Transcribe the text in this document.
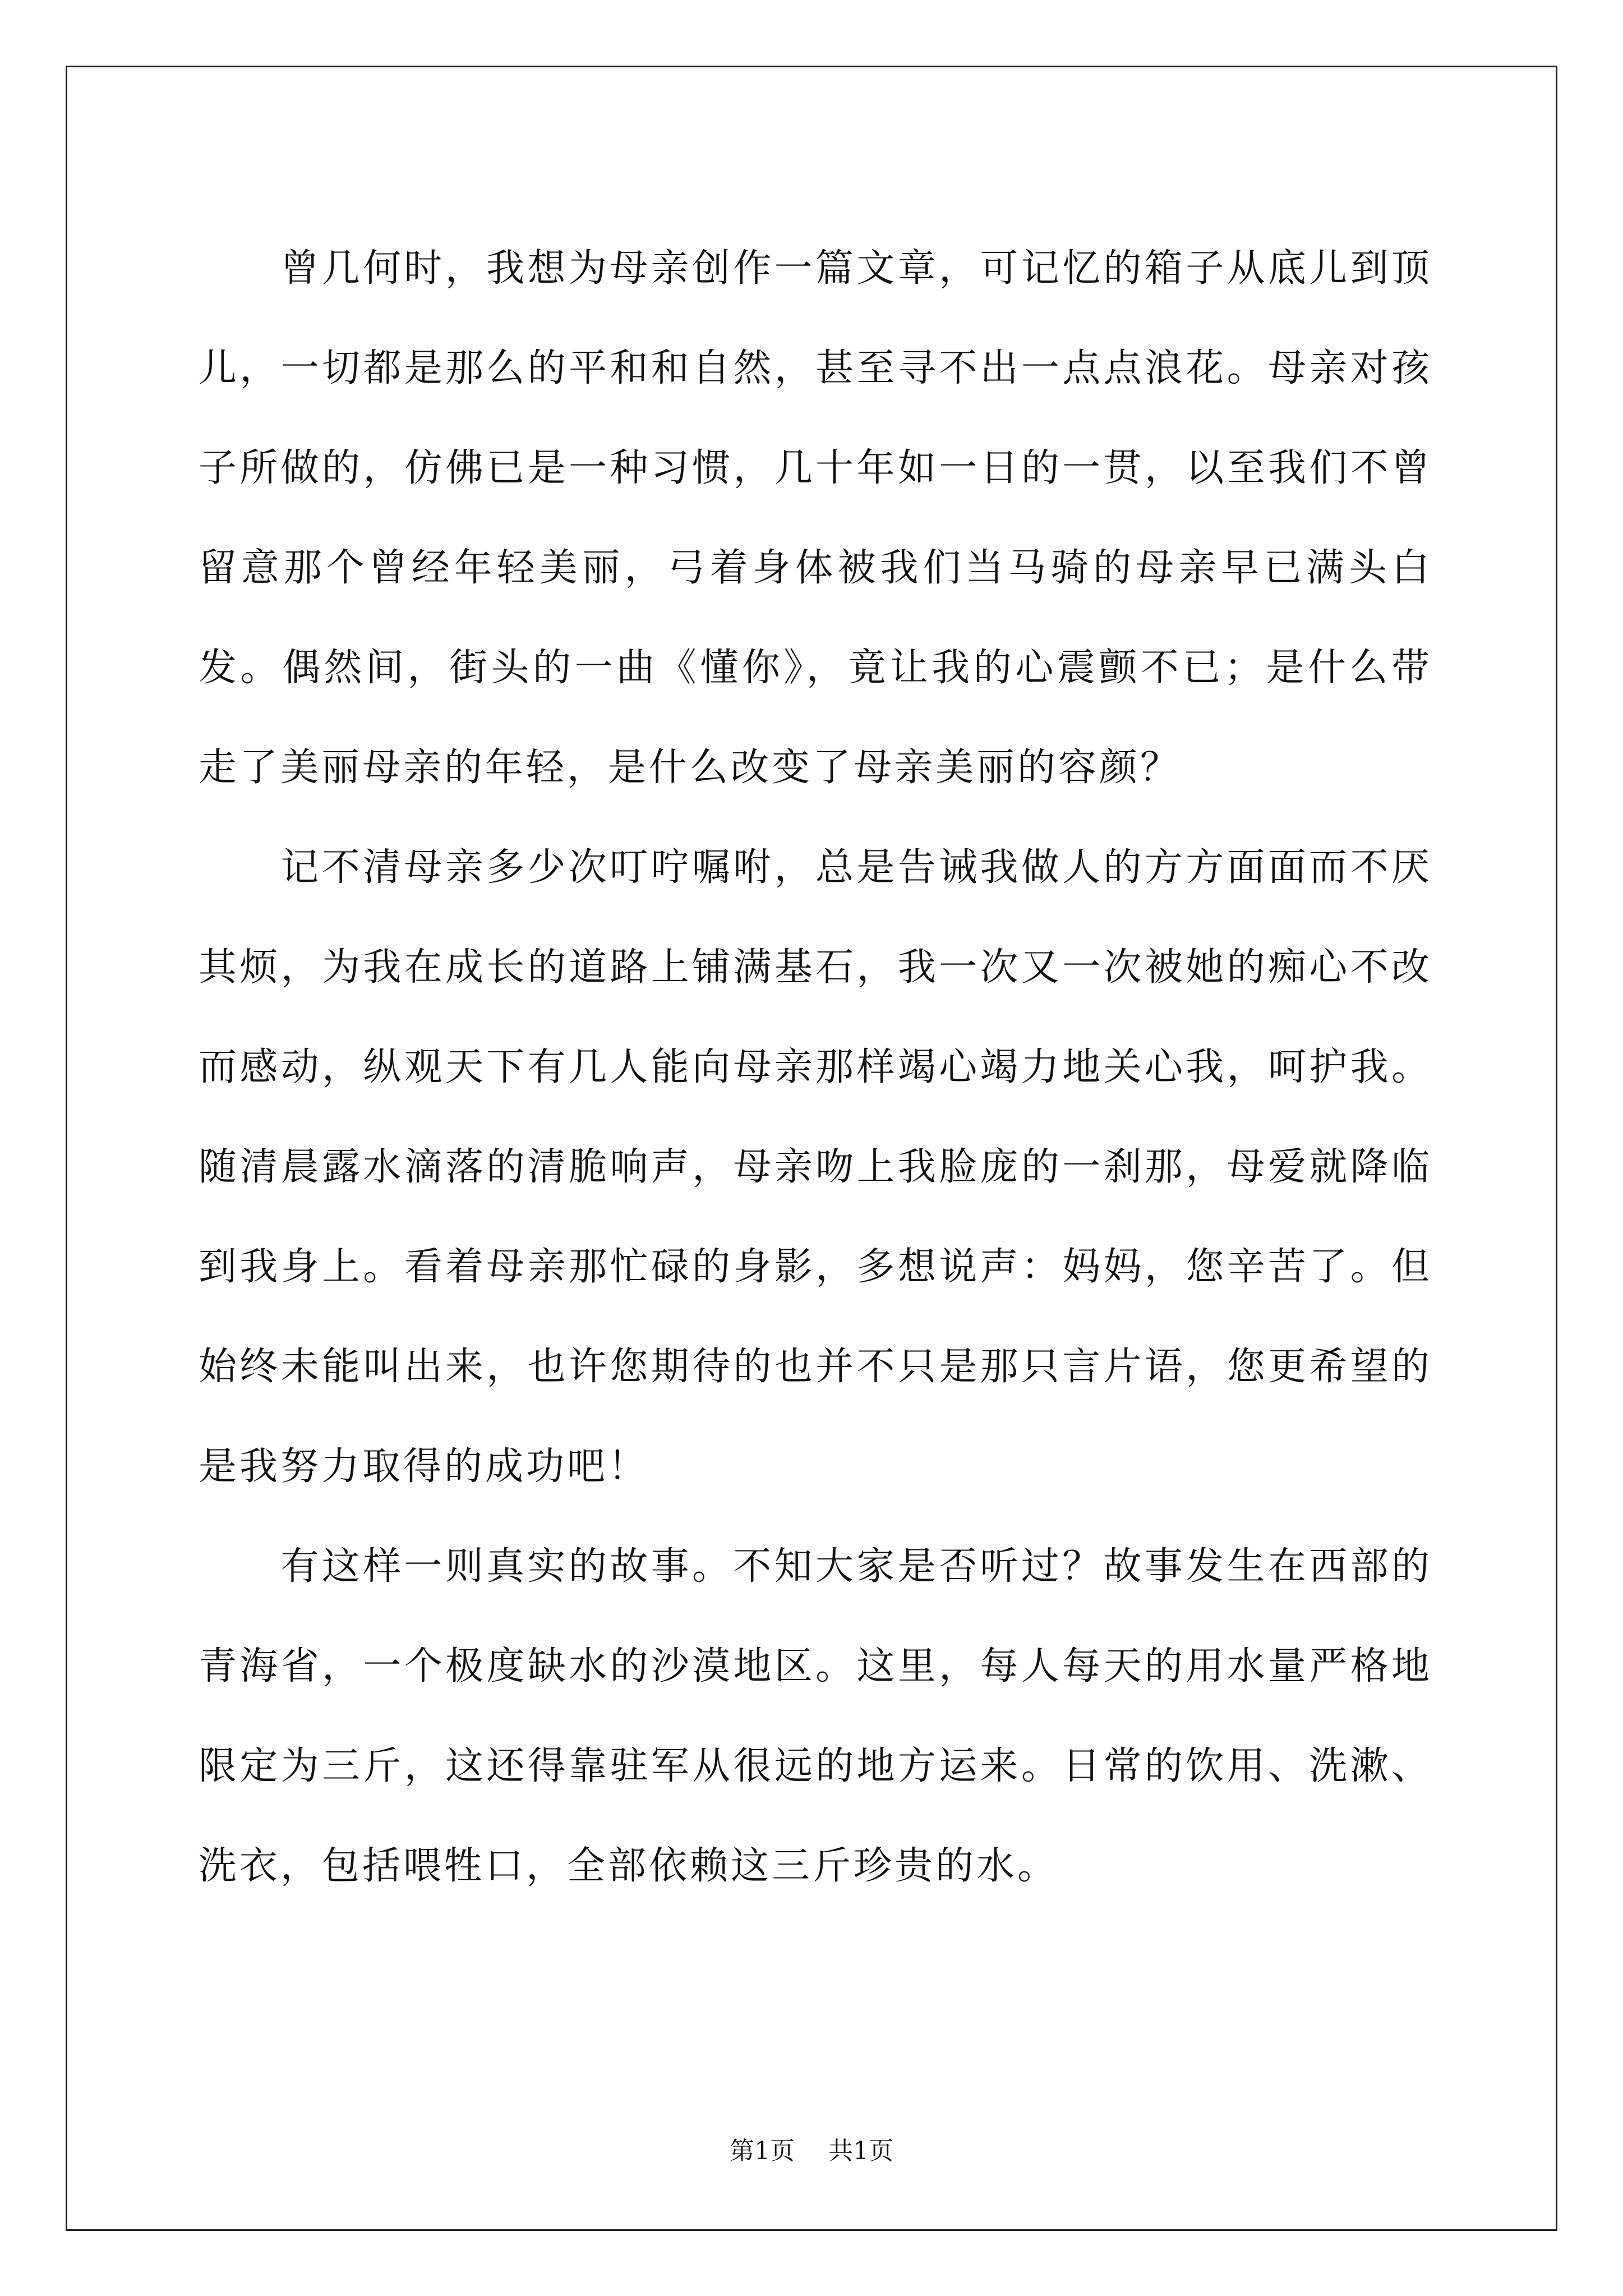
曾几何时，我想为母亲创作一篇文章，可记忆的箱子从底儿到顶儿，一切都是那么的平和和自然，甚至寻不出一点点浪花。母亲对孩子所做的，仿佛已是一种习惯，几十年如一日的一贯，以至我们不曾留意那个曾经年轻美丽，弓着身体被我们当马骑的母亲早已满头白发。偶然间，街头的一曲《懂你》，竟让我的心震颤不已；是什么带走了美丽母亲的年轻，是什么改变了母亲美丽的容颜？

记不清母亲多少次叮咛嘱咐，总是告诫我做人的方方面面而不厌其烦，为我在成长的道路上铺满基石，我一次又一次被她的痴心不改而感动，纵观天下有几人能向母亲那样竭心竭力地关心我，呵护我。随清晨露水滴落的清脆响声，母亲吻上我脸庞的一刹那，母爱就降临到我身上。看着母亲那忙碌的身影，多想说声：妈妈，您辛苦了。但始终未能叫出来，也许您期待的也并不只是那只言片语，您更希望的是我努力取得的成功吧！

有这样一则真实的故事。不知大家是否听过？故事发生在西部的青海省，一个极度缺水的沙漠地区。这里，每人每天的用水量严格地限定为三斤，这还得靠驻军从很远的地方运来。日常的饮用、洗漱、洗衣，包括喂牲口，全部依赖这三斤珍贵的水。

第1页 共1页
